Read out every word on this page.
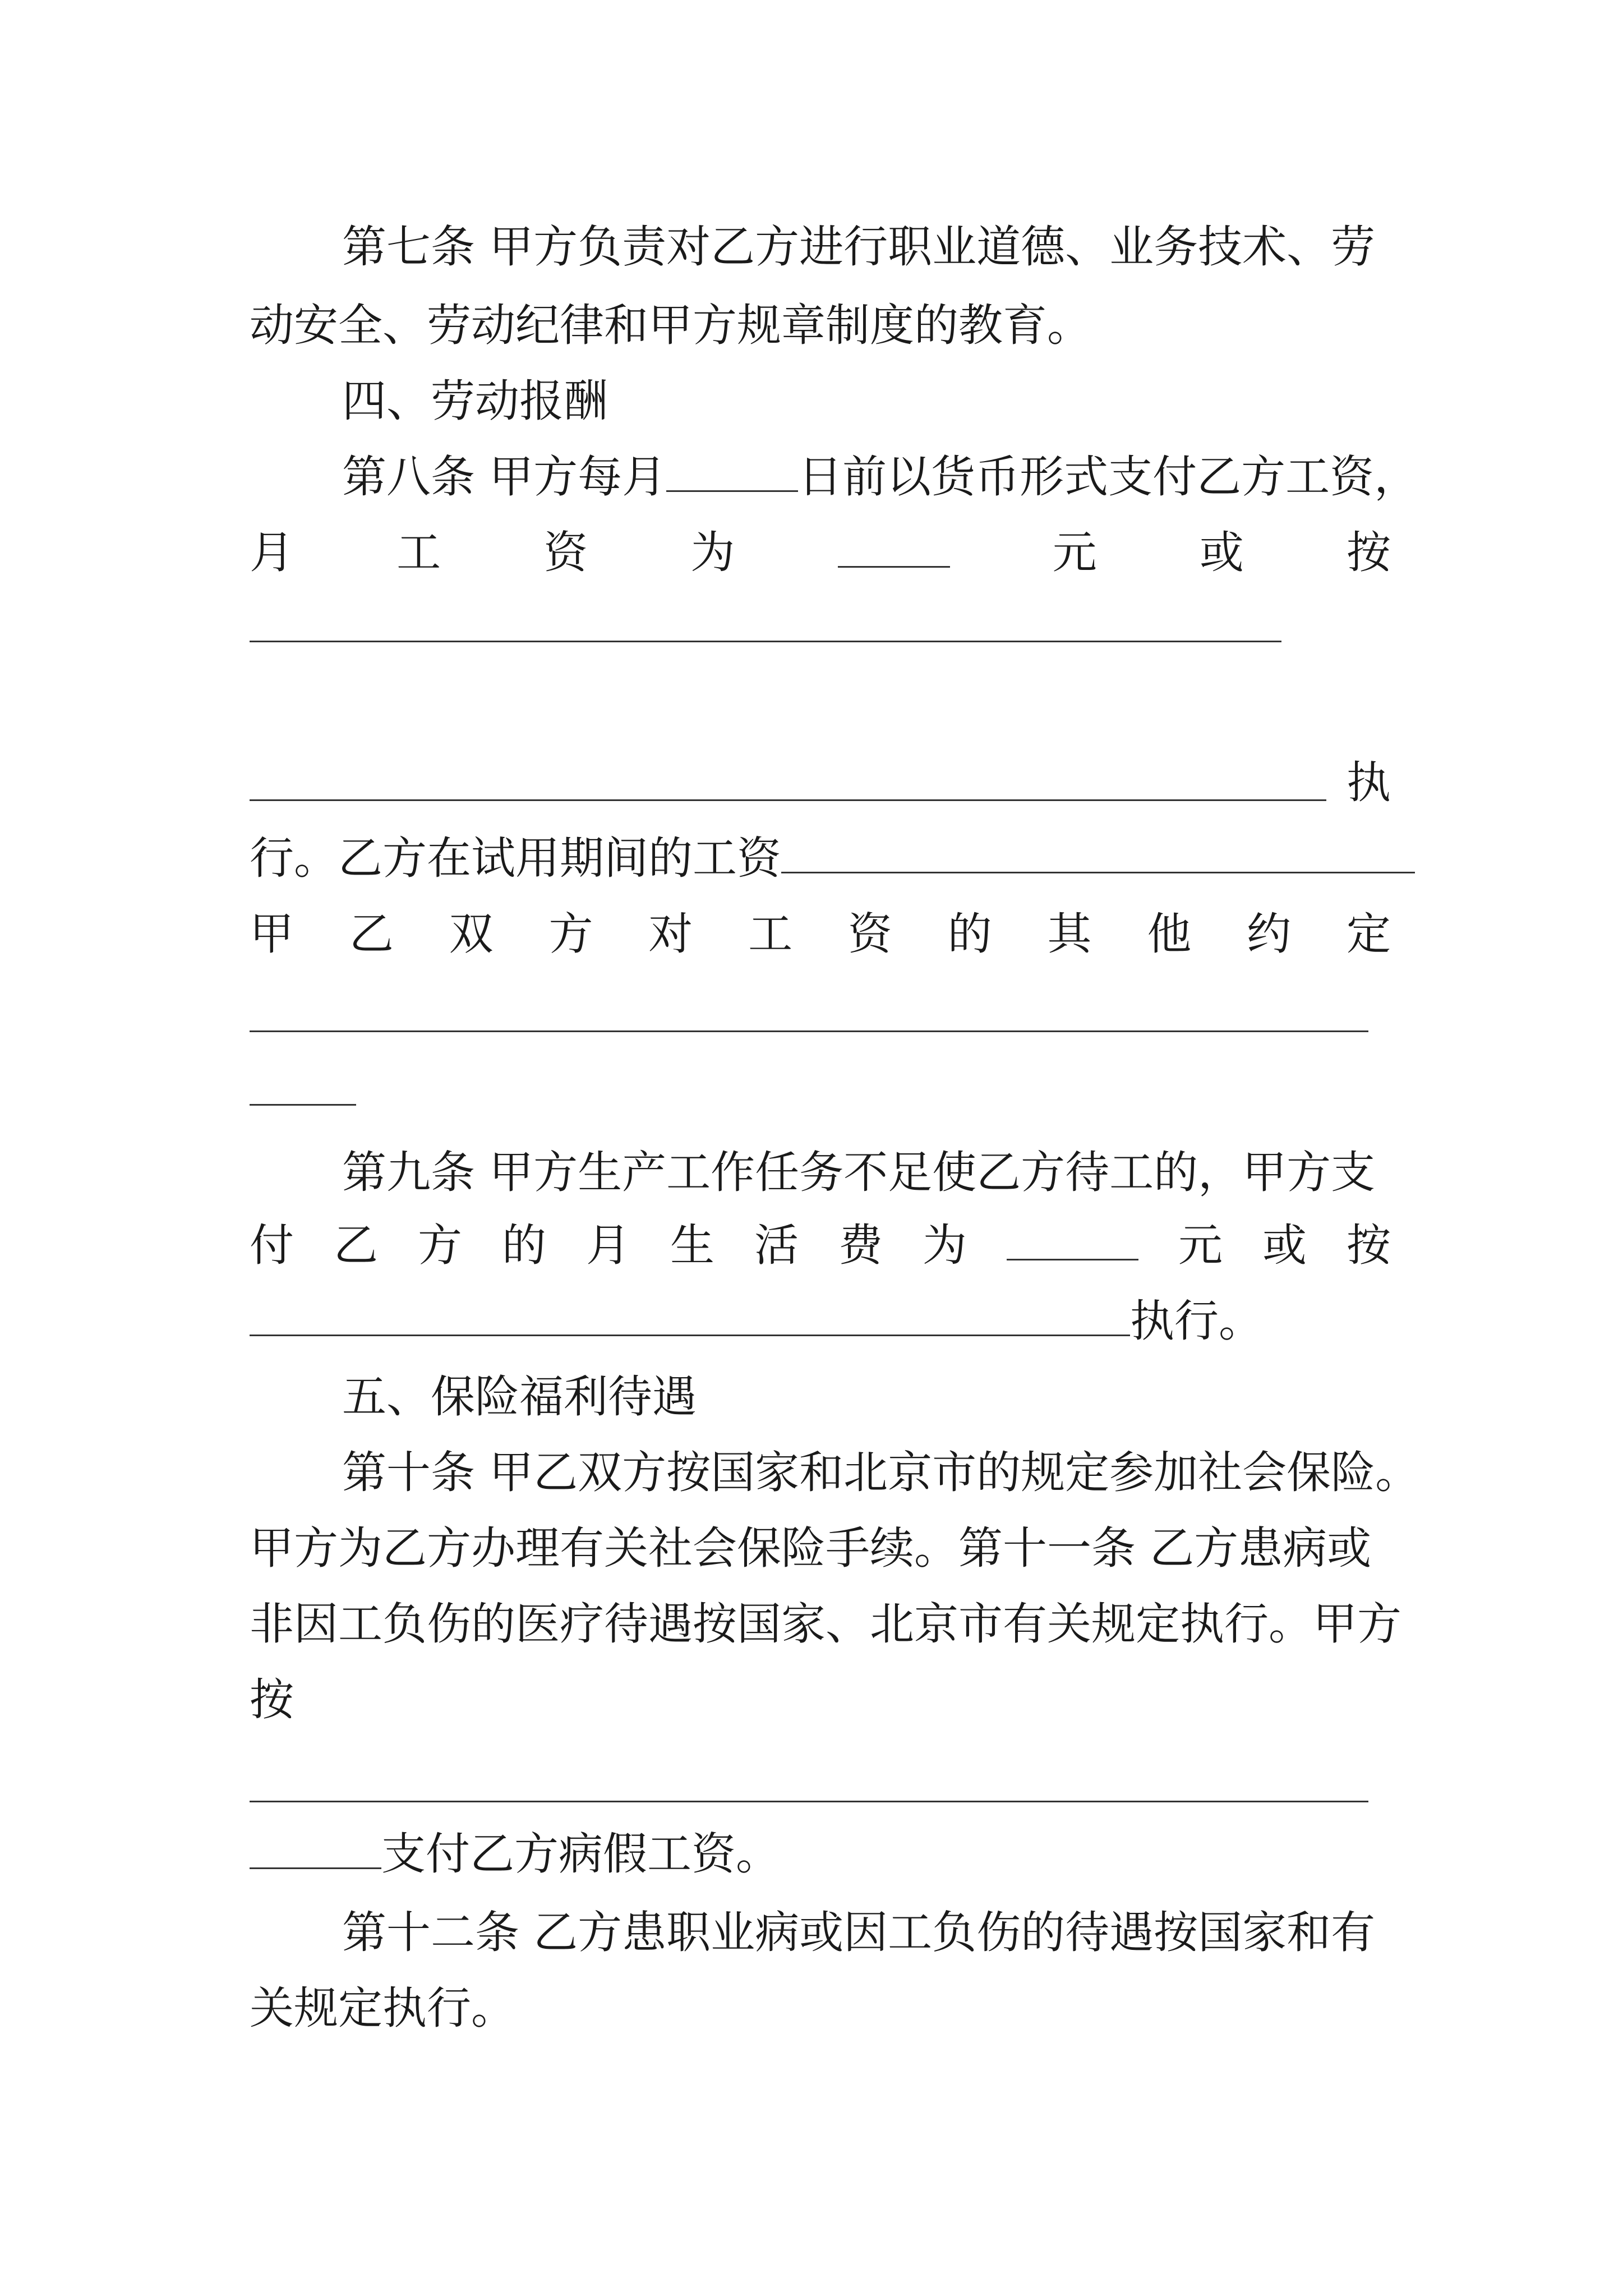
第七条 甲方负责对乙方进行职业道德、业务技术、劳
动安全、劳动纪律和甲方规章制度的教育。
四、劳动报酬
第八条 甲方每月	日前以货币形式支付乙方工资，
月 工 资 为	元 或 按
执
行。乙方在试用期间的工资
甲 乙 双 方 对 工 资 的 其 他 约 定
第九条 甲方生产工作任务不足使乙方待工的，甲方支
付 乙 方 的 月 生 活 费 为	元 或 按
执行。
五、保险福利待遇
第十条 甲乙双方按国家和北京市的规定参加社会保险。
甲方为乙方办理有关社会保险手续。第十一条 乙方患病或
非因工负伤的医疗待遇按国家、北京市有关规定执行。甲方
按
支付乙方病假工资。
第十二条 乙方患职业病或因工负伤的待遇按国家和有
关规定执行。
